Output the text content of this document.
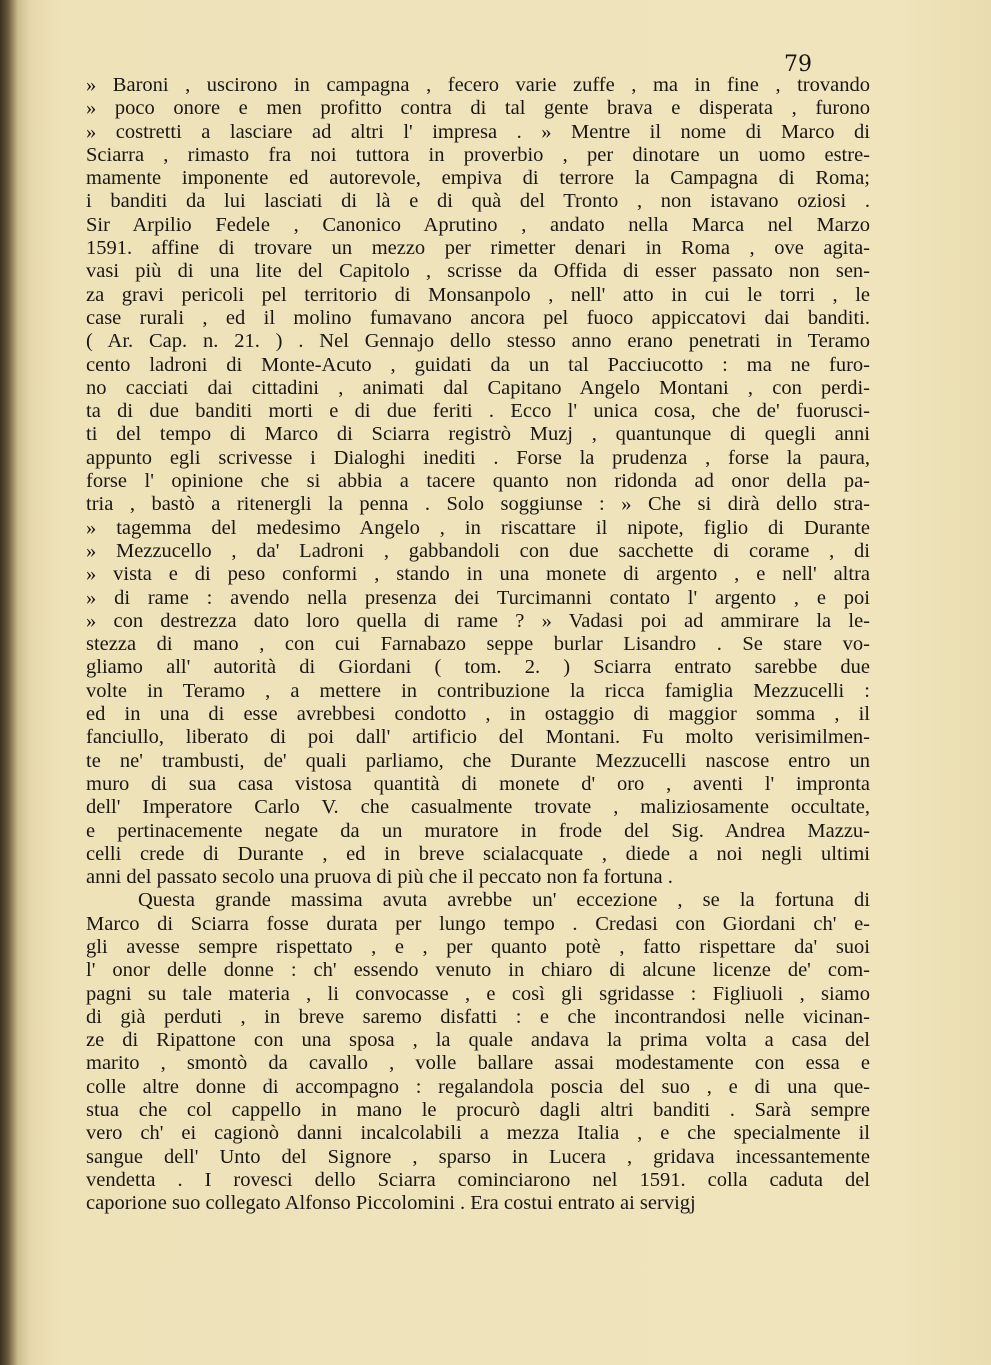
79
» Baroni , uscirono in campagna , fecero varie zuffe , ma in fine , trovando
» poco onore e men profitto contra di tal gente brava e disperata , furono
» costretti a lasciare ad altri l' impresa . » Mentre il nome di Marco di
Sciarra , rimasto fra noi tuttora in proverbio , per dinotare un uomo estre-
mamente imponente ed autorevole, empiva di terrore la Campagna di Roma;
i banditi da lui lasciati di là e di quà del Tronto , non istavano oziosi .
Sir Arpilio Fedele , Canonico Aprutino , andato nella Marca nel Marzo
1591. affine di trovare un mezzo per rimetter denari in Roma , ove agita-
vasi più di una lite del Capitolo , scrisse da Offida di esser passato non sen-
za gravi pericoli pel territorio di Monsanpolo , nell' atto in cui le torri , le
case rurali , ed il molino fumavano ancora pel fuoco appiccatovi dai banditi.
( Ar. Cap. n. 21. ) . Nel Gennajo dello stesso anno erano penetrati in Teramo
cento ladroni di Monte-Acuto , guidati da un tal Pacciucotto : ma ne furo-
no cacciati dai cittadini , animati dal Capitano Angelo Montani , con perdi-
ta di due banditi morti e di due feriti . Ecco l' unica cosa, che de' fuorusci-
ti del tempo di Marco di Sciarra registrò Muzj , quantunque di quegli anni
appunto egli scrivesse i Dialoghi inediti . Forse la prudenza , forse la paura,
forse l' opinione che si abbia a tacere quanto non ridonda ad onor della pa-
tria , bastò a ritenergli la penna . Solo soggiunse : » Che si dirà dello stra-
» tagemma del medesimo Angelo , in riscattare il nipote, figlio di Durante
» Mezzucello , da' Ladroni , gabbandoli con due sacchette di corame , di
» vista e di peso conformi , stando in una monete di argento , e nell' altra
» di rame : avendo nella presenza dei Turcimanni contato l' argento , e poi
» con destrezza dato loro quella di rame ? » Vadasi poi ad ammirare la le-
stezza di mano , con cui Farnabazo seppe burlar Lisandro . Se stare vo-
gliamo all' autorità di Giordani ( tom. 2. ) Sciarra entrato sarebbe due
volte in Teramo , a mettere in contribuzione la ricca famiglia Mezzucelli :
ed in una di esse avrebbesi condotto , in ostaggio di maggior somma , il
fanciullo, liberato di poi dall' artificio del Montani. Fu molto verisimilmen-
te ne' trambusti, de' quali parliamo, che Durante Mezzucelli nascose entro un
muro di sua casa vistosa quantità di monete d' oro , aventi l' impronta
dell' Imperatore Carlo V. che casualmente trovate , maliziosamente occultate,
e pertinacemente negate da un muratore in frode del Sig. Andrea Mazzu-
celli crede di Durante , ed in breve scialacquate , diede a noi negli ultimi
anni del passato secolo una pruova di più che il peccato non fa fortuna .
Questa grande massima avuta avrebbe un' eccezione , se la fortuna di
Marco di Sciarra fosse durata per lungo tempo . Credasi con Giordani ch' e-
gli avesse sempre rispettato , e , per quanto potè , fatto rispettare da' suoi
l' onor delle donne : ch' essendo venuto in chiaro di alcune licenze de' com-
pagni su tale materia , li convocasse , e così gli sgridasse : Figliuoli , siamo
di già perduti , in breve saremo disfatti : e che incontrandosi nelle vicinan-
ze di Ripattone con una sposa , la quale andava la prima volta a casa del
marito , smontò da cavallo , volle ballare assai modestamente con essa e
colle altre donne di accompagno : regalandola poscia del suo , e di una que-
stua che col cappello in mano le procurò dagli altri banditi . Sarà sempre
vero ch' ei cagionò danni incalcolabili a mezza Italia , e che specialmente il
sangue dell' Unto del Signore , sparso in Lucera , gridava incessantemente
vendetta . I rovesci dello Sciarra cominciarono nel 1591. colla caduta del
caporione suo collegato Alfonso Piccolomini . Era costui entrato ai servigj
